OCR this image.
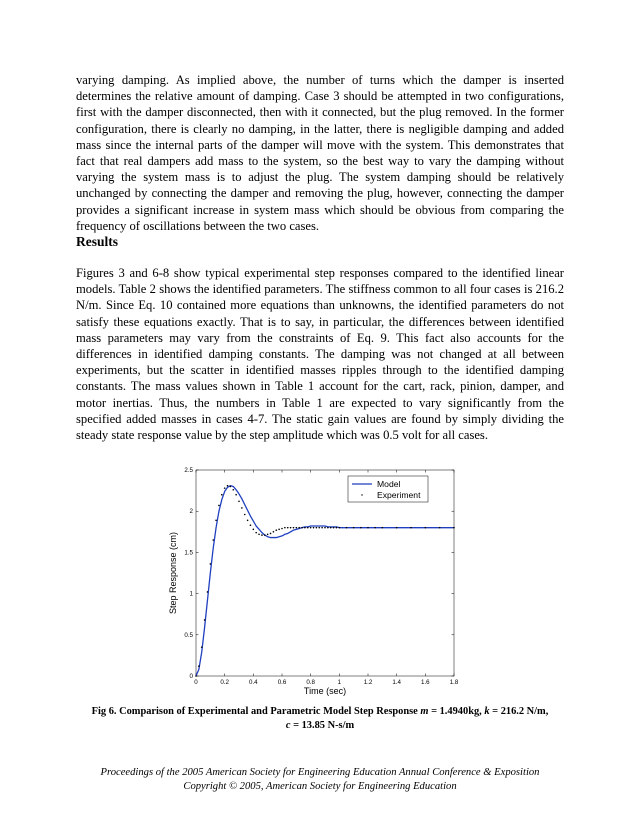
varying damping. As implied above, the number of turns which the damper is inserted determines the relative amount of damping. Case 3 should be attempted in two configurations, first with the damper disconnected, then with it connected, but the plug removed. In the former configuration, there is clearly no damping, in the latter, there is negligible damping and added mass since the internal parts of the damper will move with the system. This demonstrates that fact that real dampers add mass to the system, so the best way to vary the damping without varying the system mass is to adjust the plug. The system damping should be relatively unchanged by connecting the damper and removing the plug, however, connecting the damper provides a significant increase in system mass which should be obvious from comparing the frequency of oscillations between the two cases.

Results

Figures 3 and 6-8 show typical experimental step responses compared to the identified linear models. Table 2 shows the identified parameters. The stiffness common to all four cases is 216.2 N/m. Since Eq. 10 contained more equations than unknowns, the identified parameters do not satisfy these equations exactly. That is to say, in particular, the differences between identified mass parameters may vary from the constraints of Eq. 9. This fact also accounts for the differences in identified damping constants. The damping was not changed at all between experiments, but the scatter in identified masses ripples through to the identified damping constants. The mass values shown in Table 1 account for the cart, rack, pinion, damper, and motor inertias. Thus, the numbers in Table 1 are expected to vary significantly from the specified added masses in cases 4-7. The static gain values are found by simply dividing the steady state response value by the step amplitude which was 0.5 volt for all cases.

0	0.2	0.4	0.6	0.8	1	1.2	1.4	1.6	1.8
0
0.5
1
1.5
2
2.5
Time (sec)
Step Response (cm)
Model
Experiment

Fig 6. Comparison of Experimental and Parametric Model Step Response m = 1.4940kg, k = 216.2 N/m,
c = 13.85 N-s/m

Proceedings of the 2005 American Society for Engineering Education Annual Conference & Exposition
Copyright © 2005, American Society for Engineering Education
